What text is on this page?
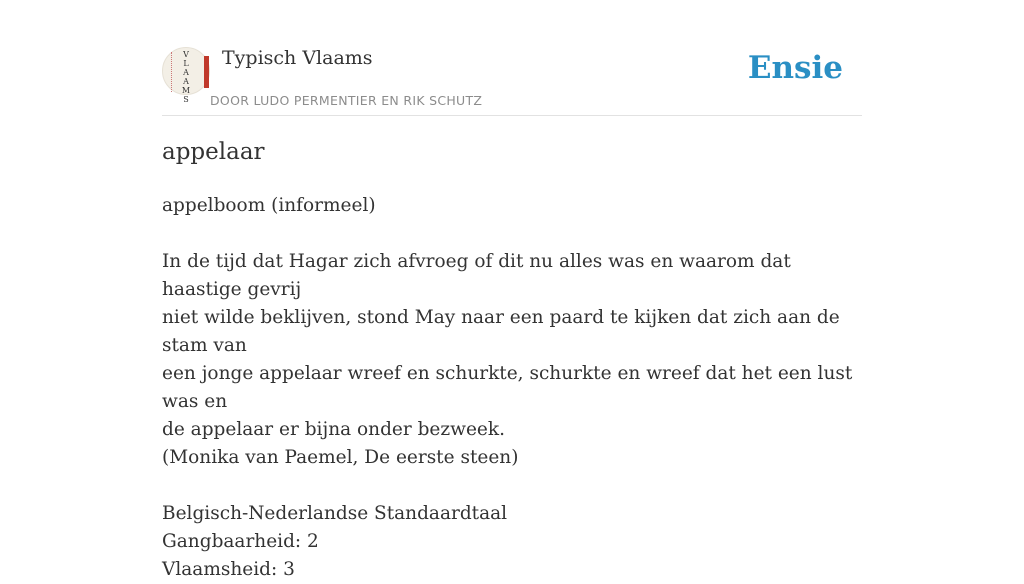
V
L
A
A
M
S
Typisch Vlaams
DOOR LUDO PERMENTIER EN RIK SCHUTZ
Ensie
appelaar

appelboom (informeel)

In de tijd dat Hagar zich afvroeg of dit nu alles was en waarom dat haastige gevrij

niet wilde beklijven, stond May naar een paard te kijken dat zich aan de stam van

een jonge appelaar wreef en schurkte, schurkte en wreef dat het een lust was en

de appelaar er bijna onder bezweek.

(Monika van Paemel, De eerste steen)

Belgisch-Nederlandse Standaardtaal

Gangbaarheid: 2

Vlaamsheid: 3
